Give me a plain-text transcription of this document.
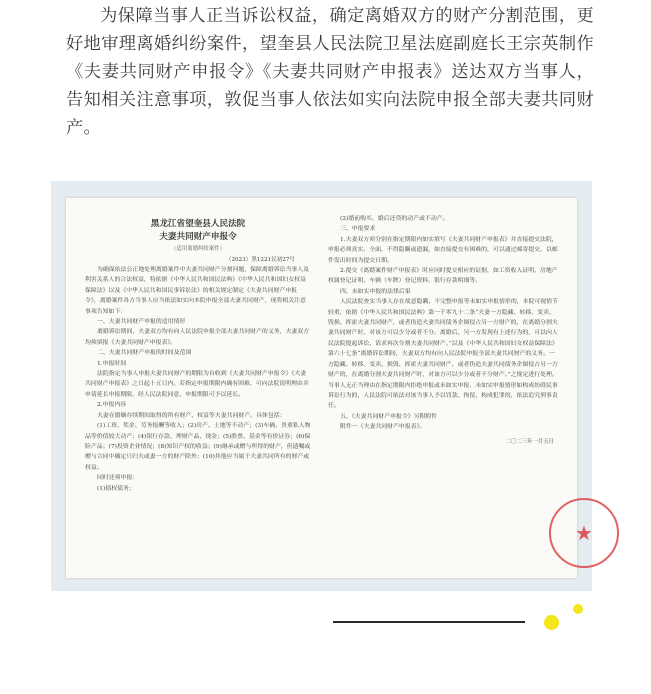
为保障当事人正当诉讼权益，确定离婚双方的财产分割范围，更好地审理离婚纠纷案件，望奎县人民法院卫星法庭副庭长王宗英制作《夫妻共同财产申报令》《夫妻共同财产申报表》送达双方当事人，告知相关注意事项，敦促当事人依法如实向法院申报全部夫妻共同财产。

黑龙江省望奎县人民法院
夫妻共同财产申报令
（适用离婚纠纷案件）
（2023）黑1221民初27号

为确保依法公正地处理离婚案件中夫妻共同财产分割问题，保障离婚诉讼当事人及利害关系人的合法权益，特依据《中华人民共和国民法典》《中华人民共和国妇女权益保障法》以及《中华人民共和国民事诉讼法》的相关规定制定《夫妻共同财产申报令》，离婚案件各方当事人应当依法如实向本院申报全部夫妻共同财产，现将相关注意事项告知如下：

一、夫妻共同财产申报的适用情形

离婚诉讼期间，夫妻双方均有向人民法院申报全部夫妻共同财产的义务，夫妻双方均须填报《夫妻共同财产申报表》。

二、夫妻共同财产申报的时间及范围

1.申报时间

法院指定当事人申报夫妻共同财产的期限为自收到《夫妻共同财产申报令》《夫妻共同财产申报表》之日起十五日内。若指定申报期限内确有困难，可向法院说明理由并申请延长申报期限，经人民法院同意，申报期限可予以延长。

2.申报内容

夫妻在婚姻存续期间取得的所有财产、权益等夫妻共同财产。具体包括：

(1)工资、奖金、劳务报酬等收入；(2)房产、土地等不动产；(3)车辆、贵重私人物品等价值较大动产；(4)银行存款、理财产品、现金；(5)股票、基金等有价证券；(6)保险产品；(7)投资企业情况；(8)知识产权的收益；(9)继承或赠与所得的财产，但遗嘱或赠与合同中确定只归夫或妻一方的财产除外；(10)其他应当属于夫妻共同所有的财产或权益。

同时还须申报：

(1)债权债务；

(2)婚前购买、婚后还贷的动产或不动产。

三、申报要求

1.夫妻双方须分别在指定期限内如实填写《夫妻共同财产申报表》并直接提交法院，申报必须真实、全面，不得隐瞒或遗漏，如直接提交有困难的，可以通过邮寄提交，以邮件发出时间为提交日期。

2.提交《离婚案件财产申报表》时应同时提交相应的证据，如工资收入证明、房地产权属登记证明、车辆（车牌）登记资料、银行存款明细等。

四、未如实申报的法律后果

人民法院查实当事人存在故意隐瞒、不完整申报等未如实申报情形的，本院可视情节轻重，依据《中华人民共和国民法典》第一千零九十二条“夫妻一方隐藏、转移、变卖、毁损、挥霍夫妻共同财产，或者伪造夫妻共同债务企图侵占另一方财产的，在离婚分割夫妻共同财产时，对该方可以少分或者不分。离婚后，另一方发现有上述行为的，可以向人民法院提起诉讼，请求再次分割夫妻共同财产。”以及《中华人民共和国妇女权益保障法》第六十七条“离婚诉讼期间，夫妻双方均有向人民法院申报全部夫妻共同财产的义务。一方隐藏、转移、变卖、损毁、挥霍夫妻共同财产，或者伪造夫妻共同债务企图侵占另一方财产的，在离婚分割夫妻共同财产时，对该方可以少分或者不分财产。”之规定进行处理。当事人无正当理由在指定期限内拒绝申报或未如实申报，未如实申报情形如构成妨碍民事诉讼行为的，人民法院可依法对该当事人予以罚款、拘留，构成犯罪的，依法追究刑事责任。

五、《夫妻共同财产申报令》另附附件

附件一《夫妻共同财产申报表》。

二〇二三年一月五日
★
